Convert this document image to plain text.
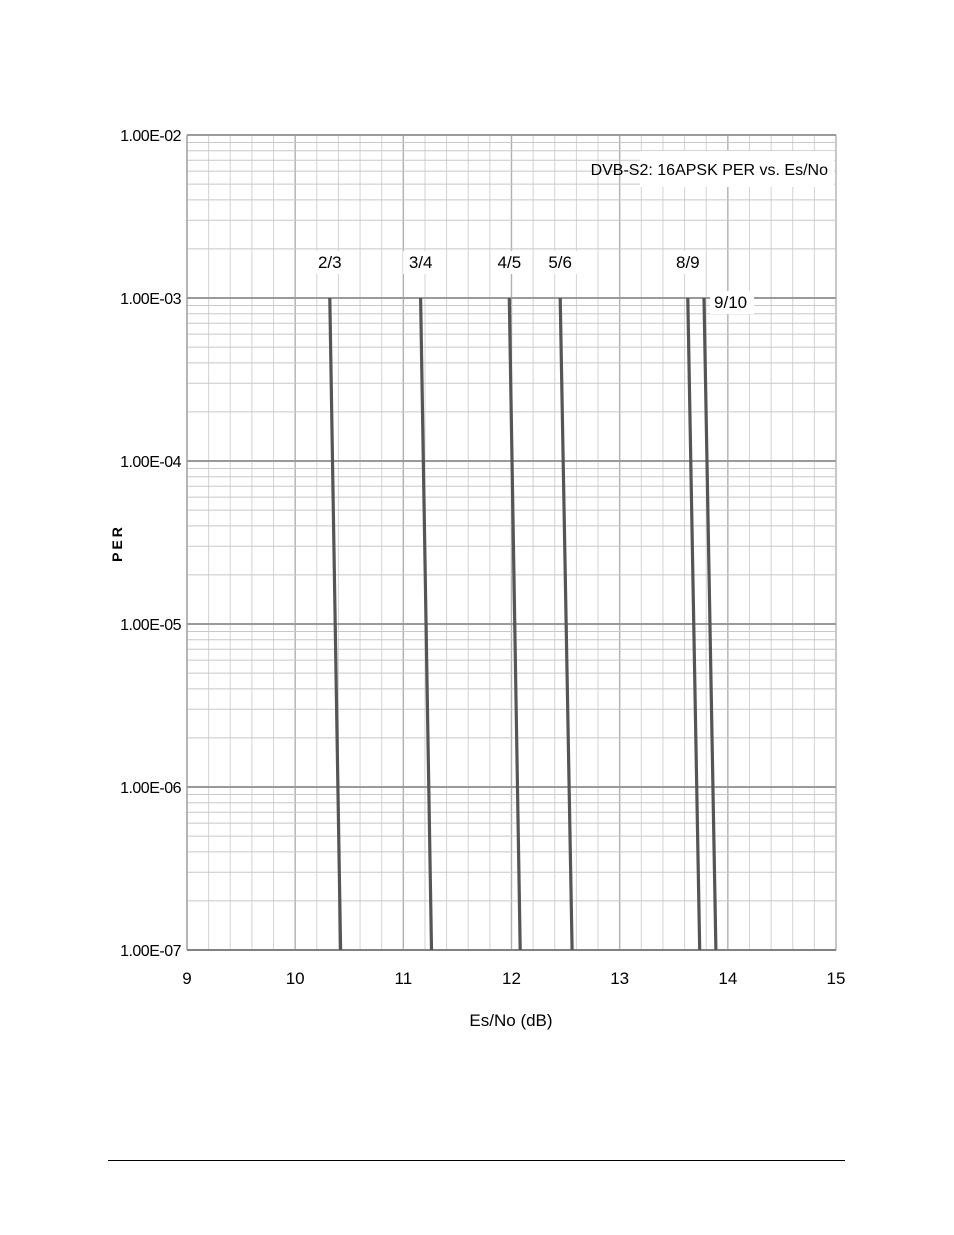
2/3	3/4	4/5 5/6	8/9
9/10
1.00E-02
1.00E-03
1.00E-04
1.00E-05
1.00E-06
1.00E-07
9	10	11	12	13	14	15
DVB-S2: 16APSK PER vs. Es/No
Es/No (dB)
PER
